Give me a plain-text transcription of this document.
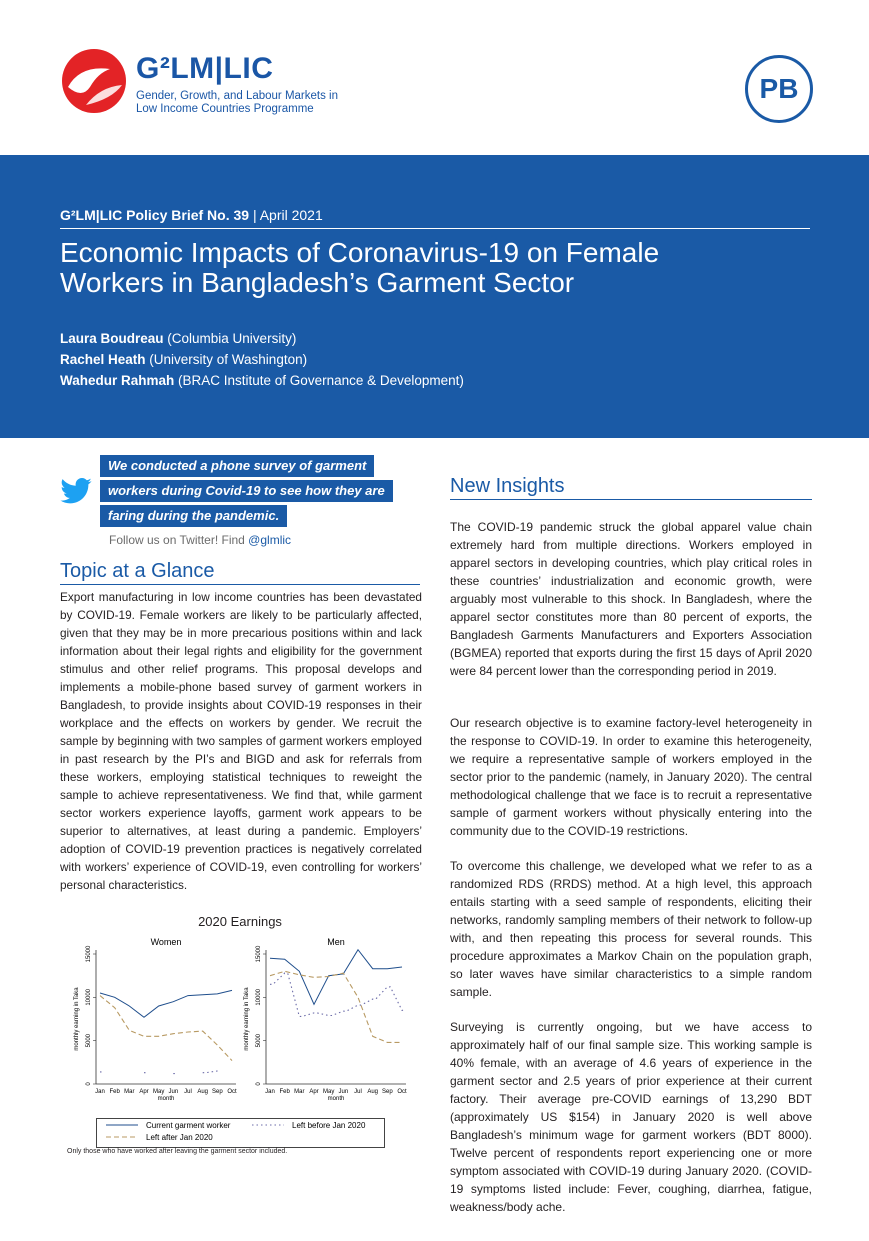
G²LM|LIC
Gender, Growth, and Labour Markets in
Low Income Countries Programme
PB
G²LM|LIC Policy Brief No. 39 | April 2021
Economic Impacts of Coronavirus-19 on Female
Workers in Bangladesh’s Garment Sector
Laura Boudreau (Columbia University)
Rachel Heath (University of Washington)
Wahedur Rahmah (BRAC Institute of Governance & Development)
We conducted a phone survey of garment
workers during Covid-19 to see how they are
faring during the pandemic.
Follow us on Twitter! Find @glmlic
Topic at a Glance

Export manufacturing in low income countries has been devastated by COVID-19. Female workers are likely to be particularly affected, given that they may be in more precarious positions within and lack information about their legal rights and eligibility for the government stimulus and other relief programs. This proposal develops and implements a mobile-phone based survey of garment workers in Bangladesh, to provide insights about COVID-19 responses in their workplace and the effects on workers by gender. We recruit the sample by beginning with two samples of garment workers employed in past research by the PI’s and BIGD and ask for referrals from these workers, employing statistical techniques to reweight the sample to achieve representativeness. We find that, while garment sector workers experience layoffs, garment work appears to be superior to alternatives, at least during a pandemic. Employers’ adoption of COVID-19 prevention practices is negatively correlated with workers’ experience of COVID-19, even controlling for workers’ personal characteristics.

New Insights

The COVID-19 pandemic struck the global apparel value chain extremely hard from multiple directions. Workers employed in apparel sectors in developing countries, which play critical roles in these countries’ industrialization and economic growth, were arguably most vulnerable to this shock. In Bangladesh, where the apparel sector constitutes more than 80 percent of exports, the Bangladesh Garments Manufacturers and Exporters Association (BGMEA) reported that exports during the first 15 days of April 2020 were 84 percent lower than the corresponding period in 2019.

Our research objective is to examine factory-level heterogeneity in the response to COVID-19. In order to examine this heterogeneity, we require a representative sample of workers employed in the sector prior to the pandemic (namely, in January 2020). The central methodological challenge that we face is to recruit a representative sample of garment workers without physically entering into the community due to the COVID-19 restrictions.

To overcome this challenge, we developed what we refer to as a randomized RDS (RRDS) method. At a high level, this approach entails starting with a seed sample of respondents, eliciting their networks, randomly sampling members of their network to follow-up with, and then repeating this process for several rounds. This procedure approximates a Markov Chain on the population graph, so later waves have similar characteristics to a simple random sample.

Surveying is currently ongoing, but we have access to approximately half of our final sample size. This working sample is 40% female, with an average of 4.6 years of experience in the garment sector and 2.5 years of prior experience at their current factory. Their average pre-COVID earnings of 13,290 BDT (approximately US $154) in January 2020 is well above Bangladesh’s minimum wage for garment workers (BDT 8000). Twelve percent of respondents report experiencing one or more symptom associated with COVID-19 during January 2020. (COVID-19 symptoms listed include: Fever, coughing, diarrhea, fatigue, weakness/body ache.

2020 Earnings
Women
0
5000
10000
15000
monthly earning in Taka
Jan Feb Mar Apr May Jun Jul Aug Sep Oct
month
Men
0
5000
10000
15000
monthly earning in Taka
Jan Feb Mar Apr May Jun Jul Aug Sep Oct
month
Current garment worker	Left before Jan 2020
Left after Jan 2020
Only those who have worked after leaving the garment sector included.
